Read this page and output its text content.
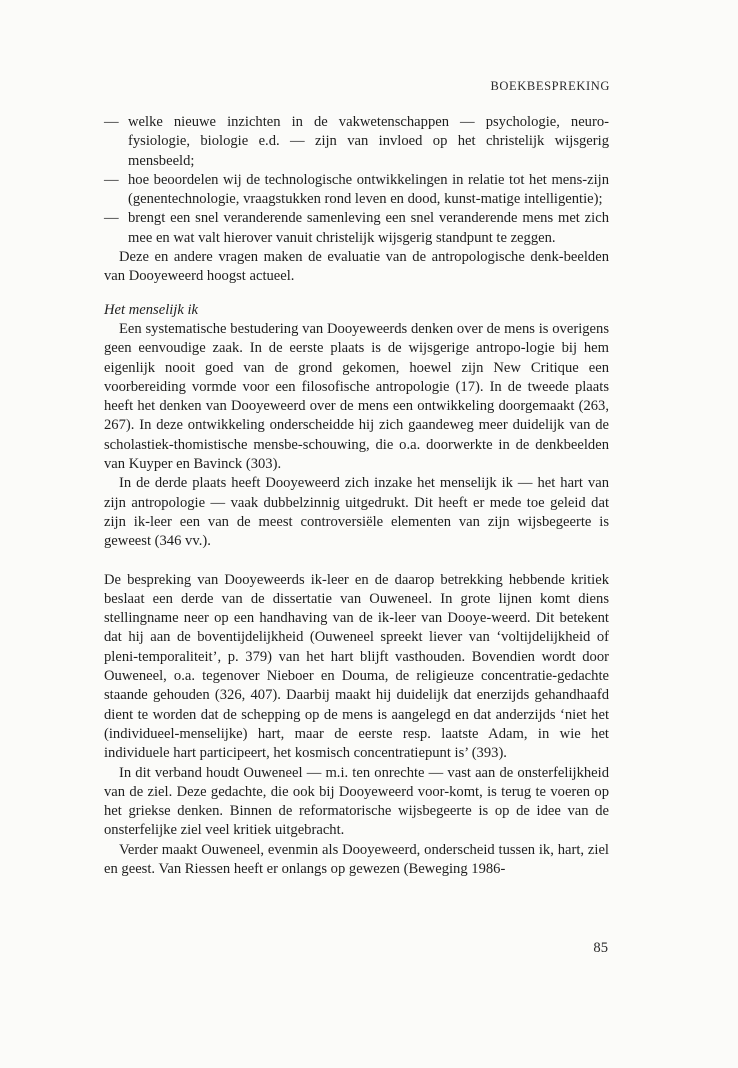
BOEKBESPREKING

— welke nieuwe inzichten in de vakwetenschappen — psychologie, neuro-fysiologie, biologie e.d. — zijn van invloed op het christelijk wijsgerig mensbeeld;

— hoe beoordelen wij de technologische ontwikkelingen in relatie tot het mens-zijn (genentechnologie, vraagstukken rond leven en dood, kunst-matige intelligentie);

— brengt een snel veranderende samenleving een snel veranderende mens met zich mee en wat valt hierover vanuit christelijk wijsgerig standpunt te zeggen.

Deze en andere vragen maken de evaluatie van de antropologische denk-beelden van Dooyeweerd hoogst actueel.

Het menselijk ik

Een systematische bestudering van Dooyeweerds denken over de mens is overigens geen eenvoudige zaak. In de eerste plaats is de wijsgerige antropo-logie bij hem eigenlijk nooit goed van de grond gekomen, hoewel zijn New Critique een voorbereiding vormde voor een filosofische antropologie (17). In de tweede plaats heeft het denken van Dooyeweerd over de mens een ontwikkeling doorgemaakt (263, 267). In deze ontwikkeling onderscheidde hij zich gaandeweg meer duidelijk van de scholastiek-thomistische mensbe-schouwing, die o.a. doorwerkte in de denkbeelden van Kuyper en Bavinck (303).

In de derde plaats heeft Dooyeweerd zich inzake het menselijk ik — het hart van zijn antropologie — vaak dubbelzinnig uitgedrukt. Dit heeft er mede toe geleid dat zijn ik-leer een van de meest controversiële elementen van zijn wijsbegeerte is geweest (346 vv.).

De bespreking van Dooyeweerds ik-leer en de daarop betrekking hebbende kritiek beslaat een derde van de dissertatie van Ouweneel. In grote lijnen komt diens stellingname neer op een handhaving van de ik-leer van Dooye-weerd. Dit betekent dat hij aan de boventijdelijkheid (Ouweneel spreekt liever van ‘voltijdelijkheid of pleni-temporaliteit’, p. 379) van het hart blijft vasthouden. Bovendien wordt door Ouweneel, o.a. tegenover Nieboer en Douma, de religieuze concentratie-gedachte staande gehouden (326, 407). Daarbij maakt hij duidelijk dat enerzijds gehandhaafd dient te worden dat de schepping op de mens is aangelegd en dat anderzijds ‘niet het (individueel-menselijke) hart, maar de eerste resp. laatste Adam, in wie het individuele hart participeert, het kosmisch concentratiepunt is’ (393).

In dit verband houdt Ouweneel — m.i. ten onrechte — vast aan de onsterfelijkheid van de ziel. Deze gedachte, die ook bij Dooyeweerd voor-komt, is terug te voeren op het griekse denken. Binnen de reformatorische wijsbegeerte is op de idee van de onsterfelijke ziel veel kritiek uitgebracht.

Verder maakt Ouweneel, evenmin als Dooyeweerd, onderscheid tussen ik, hart, ziel en geest. Van Riessen heeft er onlangs op gewezen (Beweging 1986-

85
